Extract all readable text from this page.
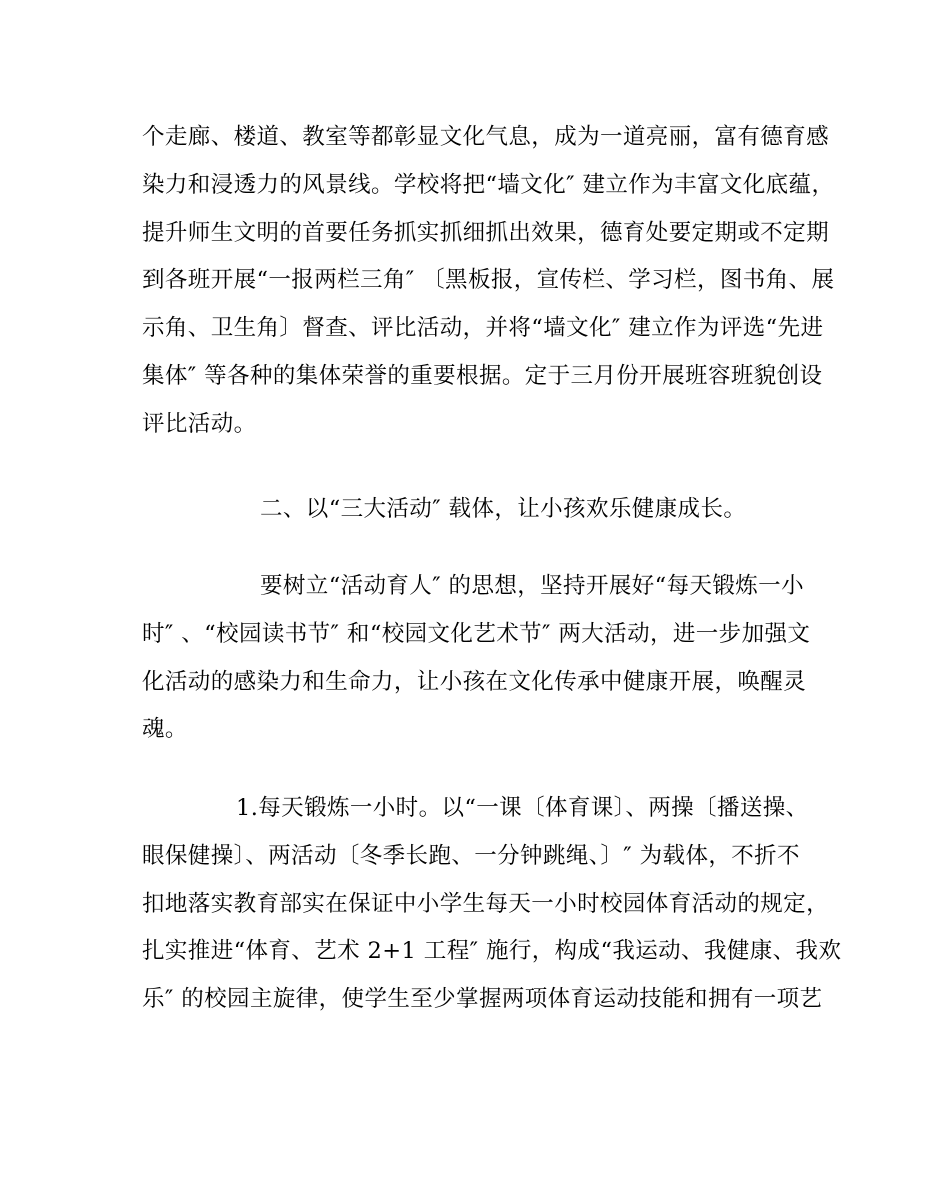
个走廊、楼道、教室等都彰显文化气息，成为一道亮丽，富有德育感
染力和浸透力的风景线。学校将把“墙文化″ 建立作为丰富文化底蕴，
提升师生文明的首要任务抓实抓细抓出效果，德育处要定期或不定期
到各班开展“一报两栏三角″ 〔黑板报，宣传栏、学习栏，图书角、展
示角、卫生角〕督查、评比活动，并将“墙文化″ 建立作为评选“先进
集体″ 等各种的集体荣誉的重要根据。定于三月份开展班容班貌创设
评比活动。
二、以“三大活动″ 载体，让小孩欢乐健康成长。
要树立“活动育人″ 的思想，坚持开展好“每天锻炼一小
时″ 、“校园读书节″ 和“校园文化艺术节″ 两大活动，进一步加强文
化活动的感染力和生命力，让小孩在文化传承中健康开展，唤醒灵
魂。
1.每天锻炼一小时。以“一课〔体育课〕、两操〔播送操、
眼保健操〕、两活动〔冬季长跑、一分钟跳绳、〕″ 为载体，不折不
扣地落实教育部实在保证中小学生每天一小时校园体育活动的规定，
扎实推进“体育、艺术 2+1 工程″ 施行，构成“我运动、我健康、我欢
乐″ 的校园主旋律，使学生至少掌握两项体育运动技能和拥有一项艺
